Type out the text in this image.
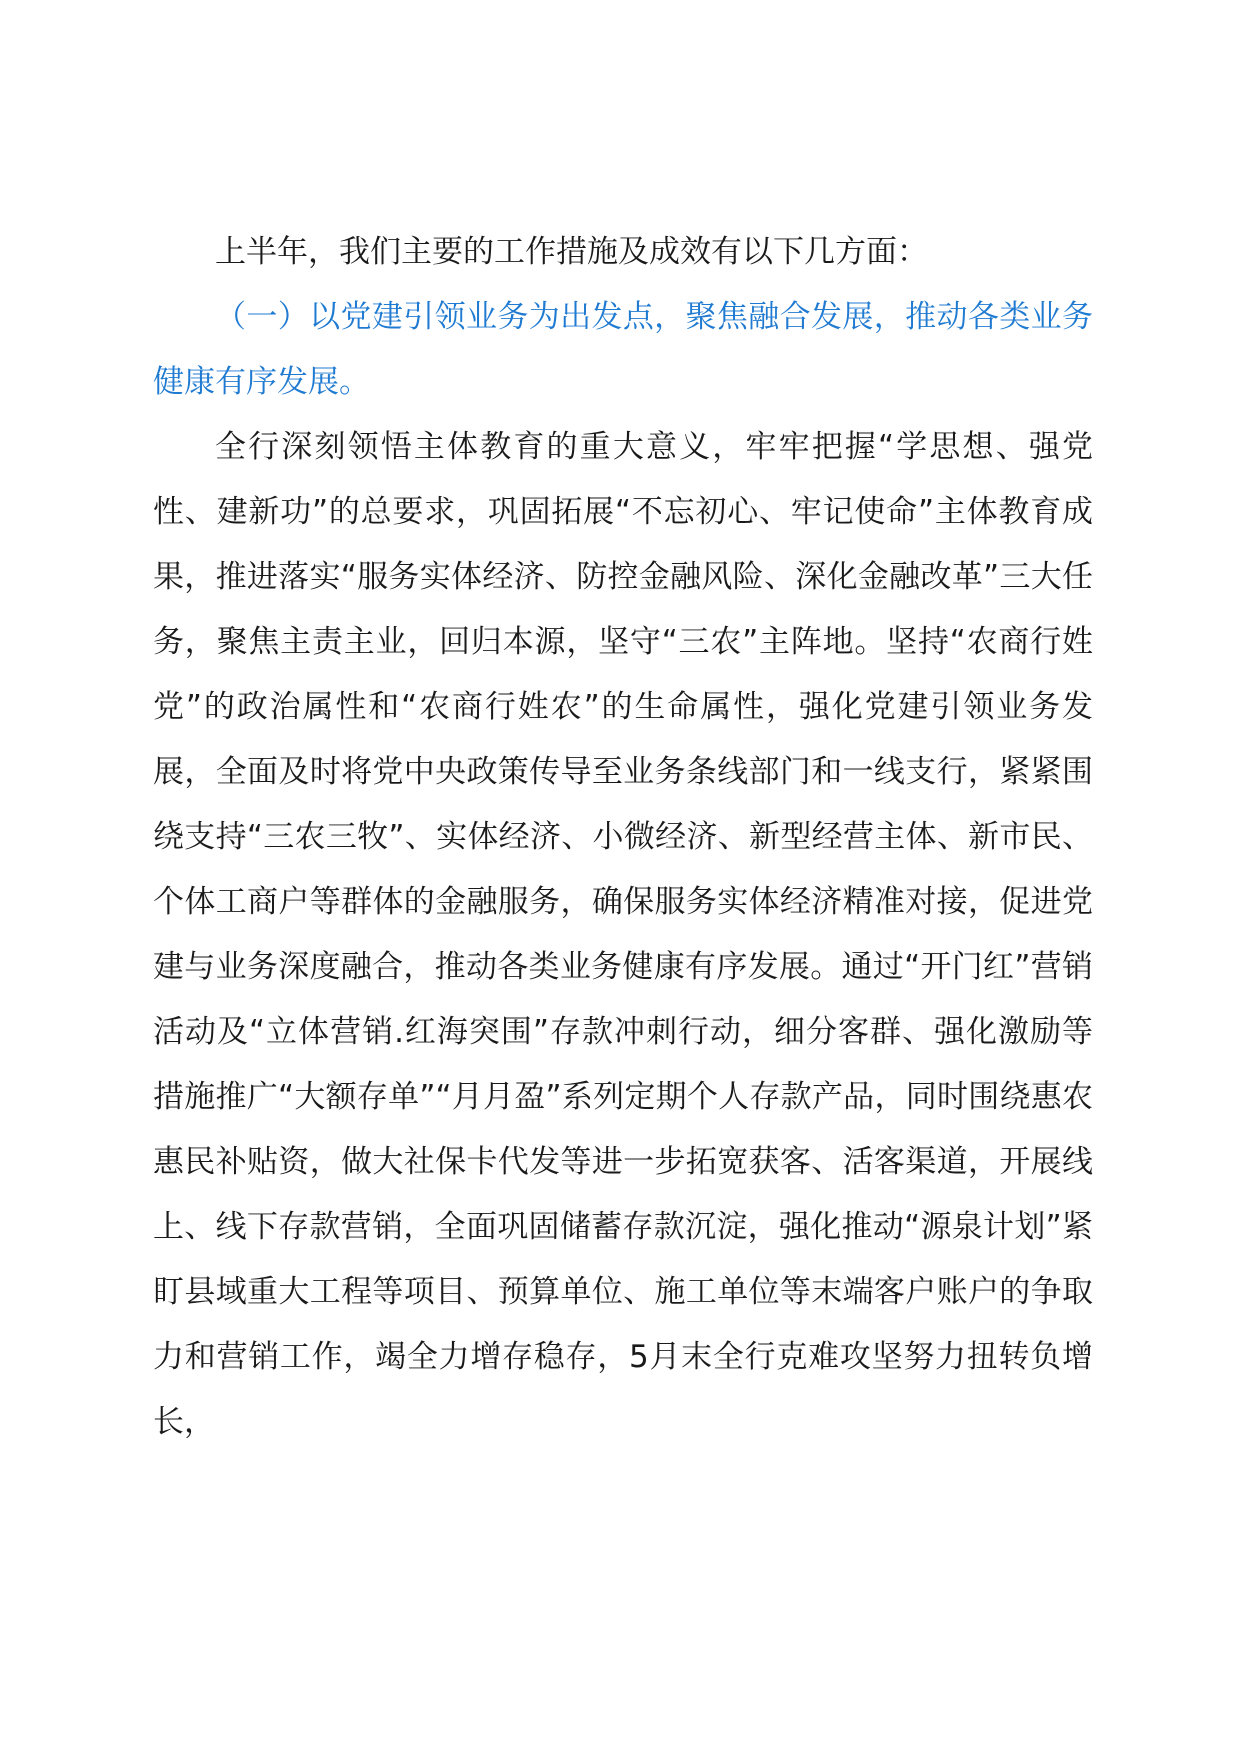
上半年，我们主要的工作措施及成效有以下几方面：

（一）以党建引领业务为出发点，聚焦融合发展，推动各类业务健康有序发展。

全行深刻领悟主体教育的重大意义，牢牢把握“学思想、强党性、建新功”的总要求，巩固拓展“不忘初心、牢记使命”主体教育成果，推进落实“服务实体经济、防控金融风险、深化金融改革”三大任务，聚焦主责主业，回归本源，坚守“三农”主阵地。坚持“农商行姓党”的政治属性和“农商行姓农”的生命属性，强化党建引领业务发展，全面及时将党中央政策传导至业务条线部门和一线支行，紧紧围绕支持“三农三牧”、实体经济、小微经济、新型经营主体、新市民、个体工商户等群体的金融服务，确保服务实体经济精准对接，促进党建与业务深度融合，推动各类业务健康有序发展。通过“开门红”营销活动及“立体营销.红海突围”存款冲刺行动，细分客群、强化激励等措施推广“大额存单”“月月盈”系列定期个人存款产品，同时围绕惠农惠民补贴资，做大社保卡代发等进一步拓宽获客、活客渠道，开展线上、线下存款营销，全面巩固储蓄存款沉淀，强化推动“源泉计划”紧盯县域重大工程等项目、预算单位、施工单位等末端客户账户的争取力和营销工作，竭全力增存稳存，5月末全行克难攻坚努力扭转负增长，
